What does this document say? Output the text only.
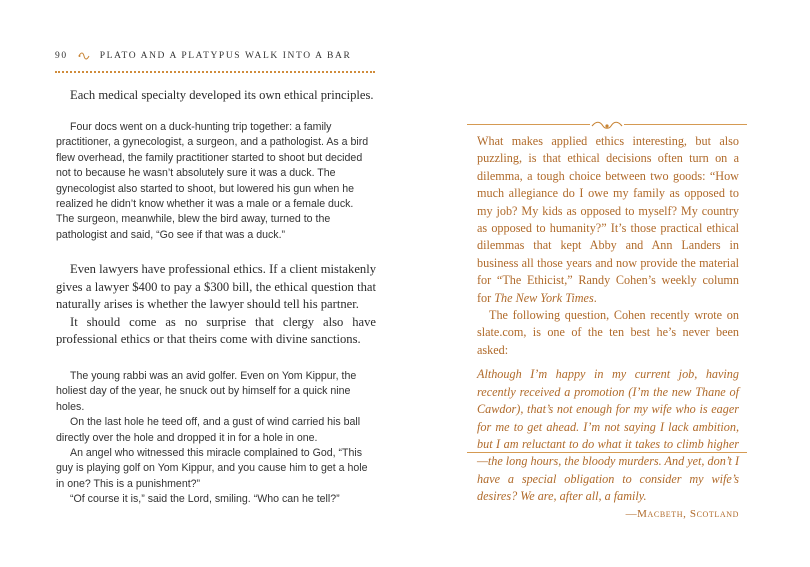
90	PLATO AND A PLATYPUS WALK INTO A BAR

Each medical specialty developed its own ethical principles.

Four docs went on a duck-hunting trip together: a family practitioner, a gynecologist, a surgeon, and a pathologist. As a bird flew overhead, the family practitioner started to shoot but decided not to because he wasn’t absolutely sure it was a duck. The gynecologist also started to shoot, but lowered his gun when he realized he didn’t know whether it was a male or a female duck. The surgeon, meanwhile, blew the bird away, turned to the pathologist and said, “Go see if that was a duck.”

Even lawyers have professional ethics. If a client mistakenly gives a lawyer $400 to pay a $300 bill, the ethical question that naturally arises is whether the lawyer should tell his partner.

It should come as no surprise that clergy also have professional ethics or that theirs come with divine sanctions.

The young rabbi was an avid golfer. Even on Yom Kippur, the holiest day of the year, he snuck out by himself for a quick nine holes.

On the last hole he teed off, and a gust of wind carried his ball directly over the hole and dropped it in for a hole in one.

An angel who witnessed this miracle complained to God, “This guy is playing golf on Yom Kippur, and you cause him to get a hole in one? This is a punishment?”

“Of course it is,” said the Lord, smiling. “Who can he tell?”

What makes applied ethics interesting, but also puzzling, is that ethical decisions often turn on a dilemma, a tough choice between two goods: “How much allegiance do I owe my family as opposed to my job? My kids as opposed to myself? My country as opposed to humanity?” It’s those practical ethical dilemmas that kept Abby and Ann Landers in business all those years and now provide the material for “The Ethicist,” Randy Cohen’s weekly column for The New York Times.

The following question, Cohen recently wrote on slate.com, is one of the ten best he’s never been asked:

Although I’m happy in my current job, having recently received a promotion (I’m the new Thane of Cawdor), that’s not enough for my wife who is eager for me to get ahead. I’m not saying I lack ambition, but I am reluctant to do what it takes to climb higher—the long hours, the bloody murders. And yet, don’t I have a special obligation to consider my wife’s desires? We are, after all, a family.

—Macbeth, Scotland
